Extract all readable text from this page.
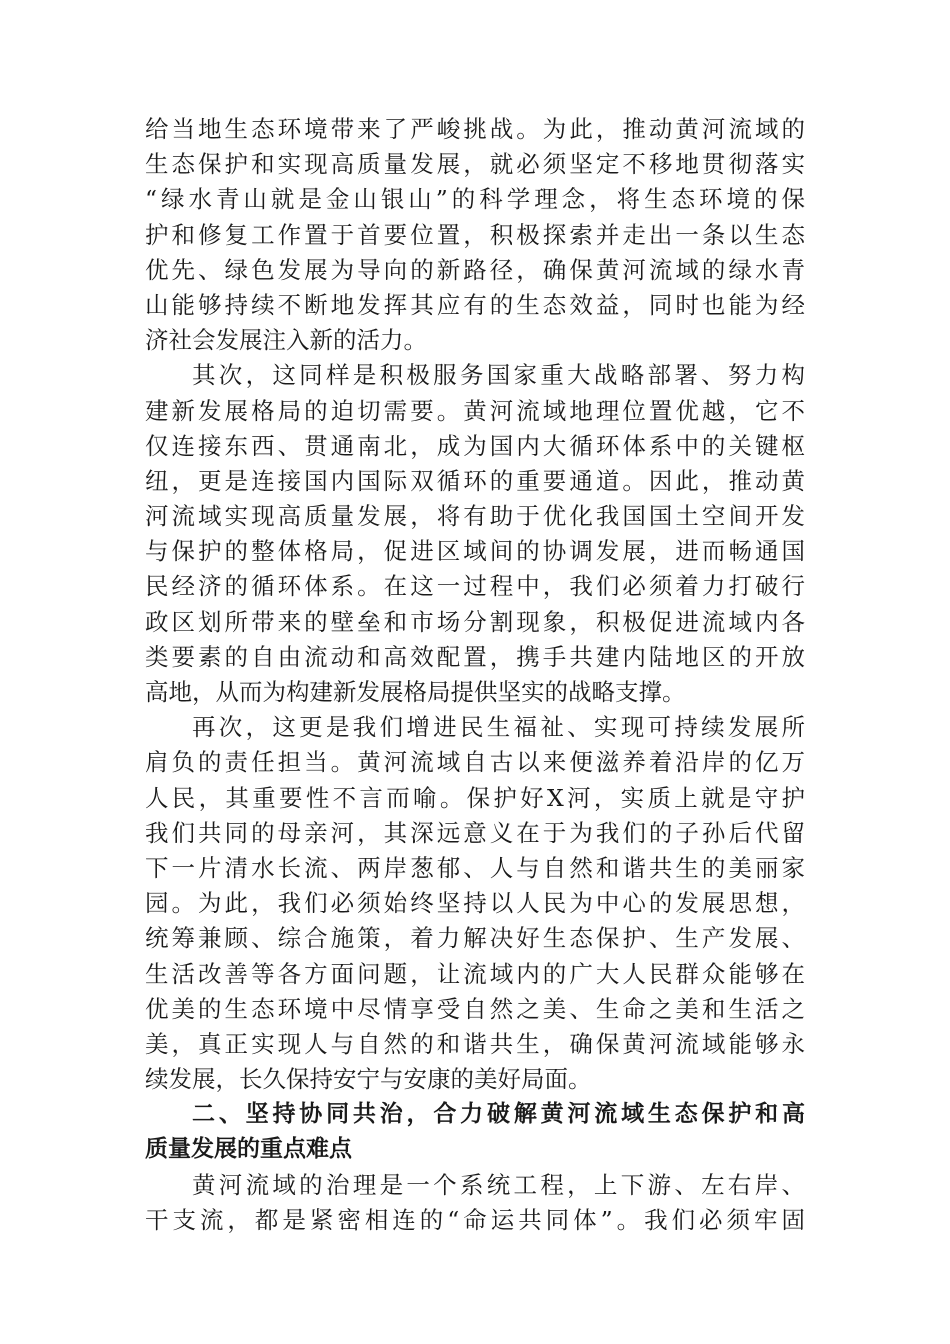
给当地生态环境带来了严峻挑战。为此，推动黄河流域的
生态保护和实现高质量发展，就必须坚定不移地贯彻落实
“绿水青山就是金山银山”的科学理念，将生态环境的保
护和修复工作置于首要位置，积极探索并走出一条以生态
优先、绿色发展为导向的新路径，确保黄河流域的绿水青
山能够持续不断地发挥其应有的生态效益，同时也能为经
济社会发展注入新的活力。
其次，这同样是积极服务国家重大战略部署、努力构
建新发展格局的迫切需要。黄河流域地理位置优越，它不
仅连接东西、贯通南北，成为国内大循环体系中的关键枢
纽，更是连接国内国际双循环的重要通道。因此，推动黄
河流域实现高质量发展，将有助于优化我国国土空间开发
与保护的整体格局，促进区域间的协调发展，进而畅通国
民经济的循环体系。在这一过程中，我们必须着力打破行
政区划所带来的壁垒和市场分割现象，积极促进流域内各
类要素的自由流动和高效配置，携手共建内陆地区的开放
高地，从而为构建新发展格局提供坚实的战略支撑。
再次，这更是我们增进民生福祉、实现可持续发展所
肩负的责任担当。黄河流域自古以来便滋养着沿岸的亿万
人民，其重要性不言而喻。保护好X河，实质上就是守护
我们共同的母亲河，其深远意义在于为我们的子孙后代留
下一片清水长流、两岸葱郁、人与自然和谐共生的美丽家
园。为此，我们必须始终坚持以人民为中心的发展思想，
统筹兼顾、综合施策，着力解决好生态保护、生产发展、
生活改善等各方面问题，让流域内的广大人民群众能够在
优美的生态环境中尽情享受自然之美、生命之美和生活之
美，真正实现人与自然的和谐共生，确保黄河流域能够永
续发展，长久保持安宁与安康的美好局面。
二、坚持协同共治，合力破解黄河流域生态保护和高
质量发展的重点难点
黄河流域的治理是一个系统工程，上下游、左右岸、
干支流，都是紧密相连的“命运共同体”。我们必须牢固
